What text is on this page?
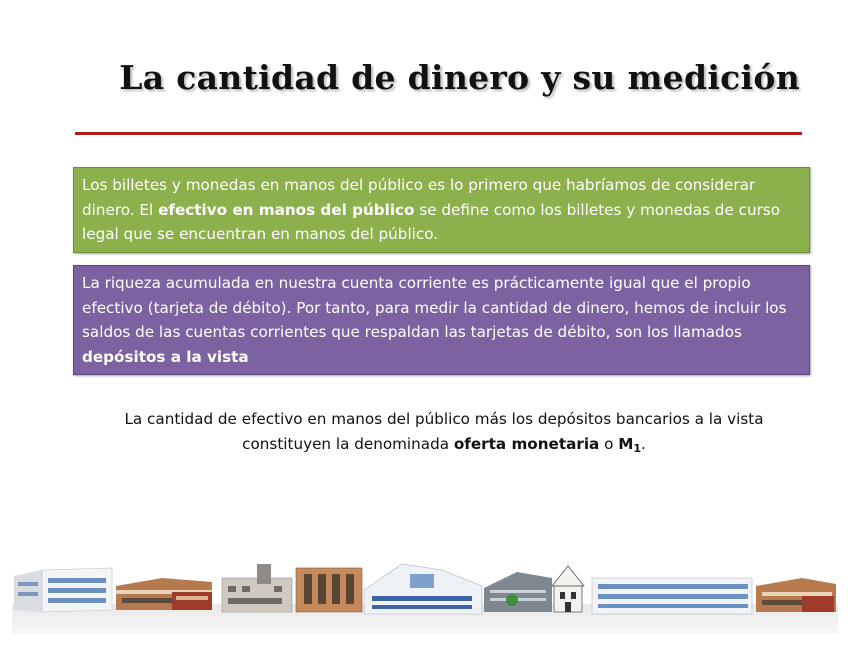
La cantidad de dinero y su medición
Los billetes y monedas en manos del público es lo primero que habríamos de considerar dinero. El efectivo en manos del público se define como los billetes y monedas de curso legal que se encuentran en manos del público.
La riqueza acumulada en nuestra cuenta corriente es prácticamente igual que el propio efectivo (tarjeta de débito). Por tanto, para medir la cantidad de dinero, hemos de incluir los saldos de las cuentas corrientes que respaldan las tarjetas de débito, son los llamados depósitos a la vista
La cantidad de efectivo en manos del público más los depósitos bancarios a la vista
constituyen la denominada oferta monetaria o $M_1$.
